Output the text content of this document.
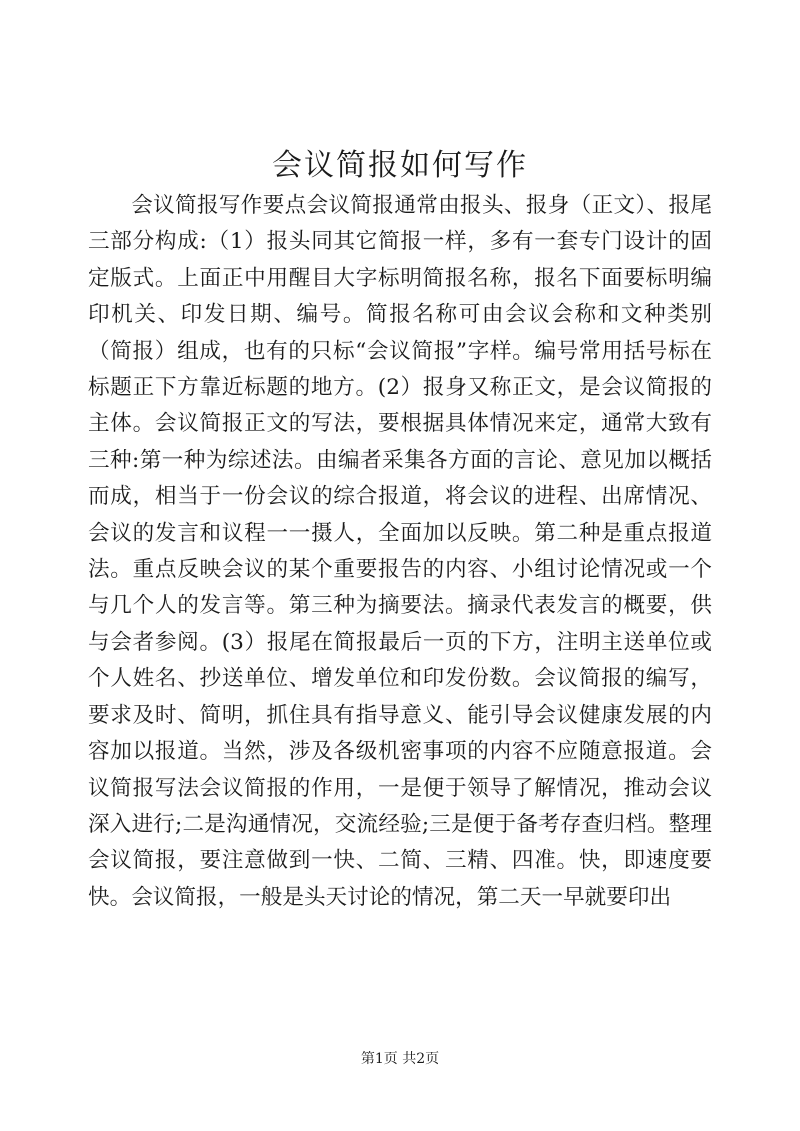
会议简报如何写作

会议简报写作要点会议简报通常由报头、报身（正文）、报尾三部分构成:（1）报头同其它简报一样，多有一套专门设计的固定版式。上面正中用醒目大字标明简报名称，报名下面要标明编印机关、印发日期、编号。简报名称可由会议会称和文种类别（简报）组成，也有的只标“会议简报”字样。编号常用括号标在标题正下方靠近标题的地方。(2）报身又称正文，是会议简报的主体。会议简报正文的写法，要根据具体情况来定，通常大致有三种:第一种为综述法。由编者采集各方面的言论、意见加以概括而成，相当于一份会议的综合报道，将会议的进程、出席情况、会议的发言和议程一一摄人，全面加以反映。第二种是重点报道法。重点反映会议的某个重要报告的内容、小组讨论情况或一个与几个人的发言等。第三种为摘要法。摘录代表发言的概要，供与会者参阅。(3）报尾在简报最后一页的下方，注明主送单位或个人姓名、抄送单位、增发单位和印发份数。会议简报的编写，要求及时、简明，抓住具有指导意义、能引导会议健康发展的内容加以报道。当然，涉及各级机密事项的内容不应随意报道。会议简报写法会议简报的作用，一是便于领导了解情况，推动会议深入进行;二是沟通情况，交流经验;三是便于备考存查归档。整理会议简报，要注意做到一快、二简、三精、四准。快，即速度要快。会议简报，一般是头天讨论的情况，第二天一早就要印出

第1页 共2页
